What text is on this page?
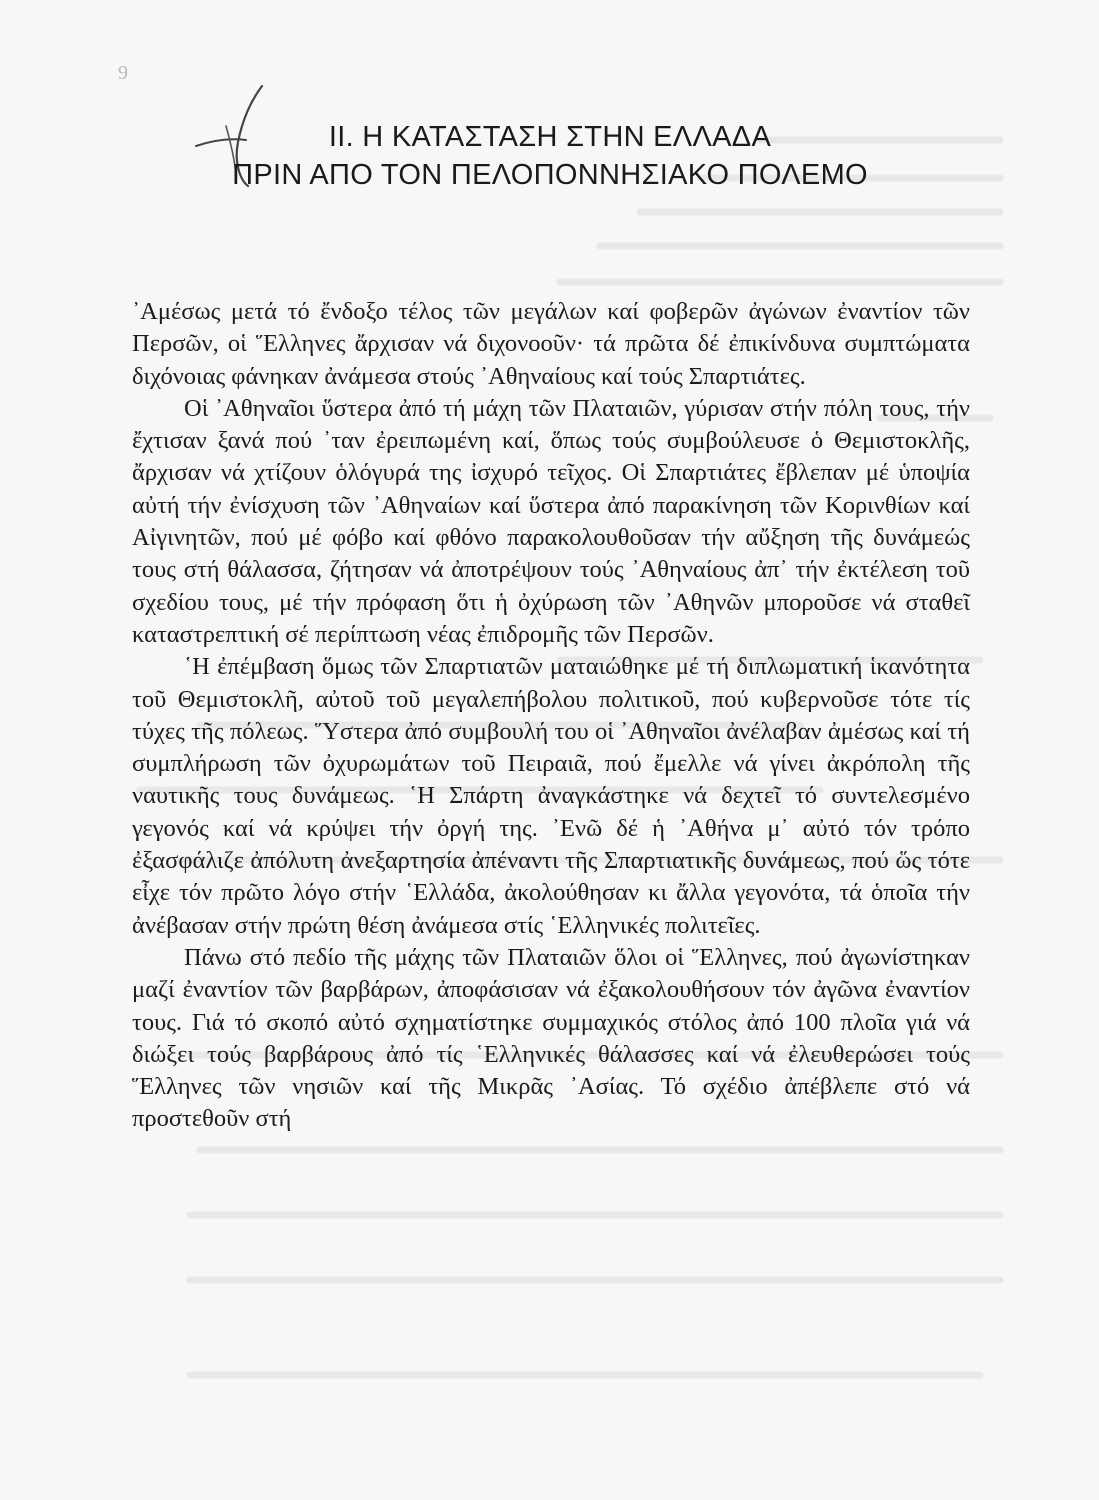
9
II. Η ΚΑΤΑΣΤΑΣΗ ΣΤΗΝ ΕΛΛΑΔΑ
ΠΡΙΝ ΑΠΟ ΤΟΝ ΠΕΛΟΠΟΝΝΗΣΙΑΚΟ ΠΟΛΕΜΟ

᾿Αμέσως μετά τό ἔνδοξο τέλος τῶν μεγάλων καί φοβερῶν ἀγώνων ἐναντίον τῶν Περσῶν, οἱ Ἕλληνες ἄρχισαν νά διχονοοῦν· τά πρῶτα δέ ἐπικίνδυνα συμπτώματα διχόνοιας φάνηκαν ἀνάμεσα στούς ᾿Αθηναίους καί τούς Σπαρτιάτες.

Οἱ ᾿Αθηναῖοι ὕστερα ἀπό τή μάχη τῶν Πλαταιῶν, γύρισαν στήν πόλη τους, τήν ἔχτισαν ξανά πού ᾿ταν ἐρειπωμένη καί, ὅπως τούς συμβούλευσε ὁ Θεμιστοκλῆς, ἄρχισαν νά χτίζουν ὁλόγυρά της ἰσχυρό τεῖχος. Οἱ Σπαρτιάτες ἔβλεπαν μέ ὑποψία αὐτή τήν ἐνίσχυση τῶν ᾿Αθηναίων καί ὕστερα ἀπό παρακίνηση τῶν Κορινθίων καί Αἰγινητῶν, πού μέ φόβο καί φθόνο παρακολουθοῦσαν τήν αὔξηση τῆς δυνάμεώς τους στή θάλασσα, ζήτησαν νά ἀποτρέψουν τούς ᾿Αθηναίους ἀπ᾿ τήν ἐκτέλεση τοῦ σχεδίου τους, μέ τήν πρόφαση ὅτι ἡ ὀχύρωση τῶν ᾿Αθηνῶν μποροῦσε νά σταθεῖ καταστρεπτική σέ περίπτωση νέας ἐπιδρομῆς τῶν Περσῶν.

῾Η ἐπέμβαση ὅμως τῶν Σπαρτιατῶν ματαιώθηκε μέ τή διπλωματική ἱκανότητα τοῦ Θεμιστοκλῆ, αὐτοῦ τοῦ μεγαλεπήβολου πολιτικοῦ, πού κυβερνοῦσε τότε τίς τύχες τῆς πόλεως. Ὕστερα ἀπό συμβουλή του οἱ ᾿Αθηναῖοι ἀνέλαβαν ἀμέσως καί τή συμπλήρωση τῶν ὀχυρωμάτων τοῦ Πειραιᾶ, πού ἔμελλε νά γίνει ἀκρόπολη τῆς ναυτικῆς τους δυνάμεως. ῾Η Σπάρτη ἀναγκάστηκε νά δεχτεῖ τό συντελεσμένο γεγονός καί νά κρύψει τήν ὀργή της. ᾿Ενῶ δέ ἡ ᾿Αθήνα μ᾿ αὐτό τόν τρόπο ἐξασφάλιζε ἀπόλυτη ἀνεξαρτησία ἀπέναντι τῆς Σπαρτιατικῆς δυνάμεως, πού ὥς τότε εἶχε τόν πρῶτο λόγο στήν ῾Ελλάδα, ἀκολούθησαν κι ἄλλα γεγονότα, τά ὁποῖα τήν ἀνέβασαν στήν πρώτη θέση ἀνάμεσα στίς ῾Ελληνικές πολιτεῖες.

Πάνω στό πεδίο τῆς μάχης τῶν Πλαταιῶν ὅλοι οἱ Ἕλληνες, πού ἀγωνίστηκαν μαζί ἐναντίον τῶν βαρβάρων, ἀποφάσισαν νά ἐξακολουθήσουν τόν ἀγῶνα ἐναντίον τους. Γιά τό σκοπό αὐτό σχηματίστηκε συμμαχικός στόλος ἀπό 100 πλοῖα γιά νά διώξει τούς βαρβάρους ἀπό τίς ῾Ελληνικές θάλασσες καί νά ἐλευθερώσει τούς Ἕλληνες τῶν νησιῶν καί τῆς Μικρᾶς ᾿Ασίας. Τό σχέδιο ἀπέβλεπε στό νά προστεθοῦν στή
